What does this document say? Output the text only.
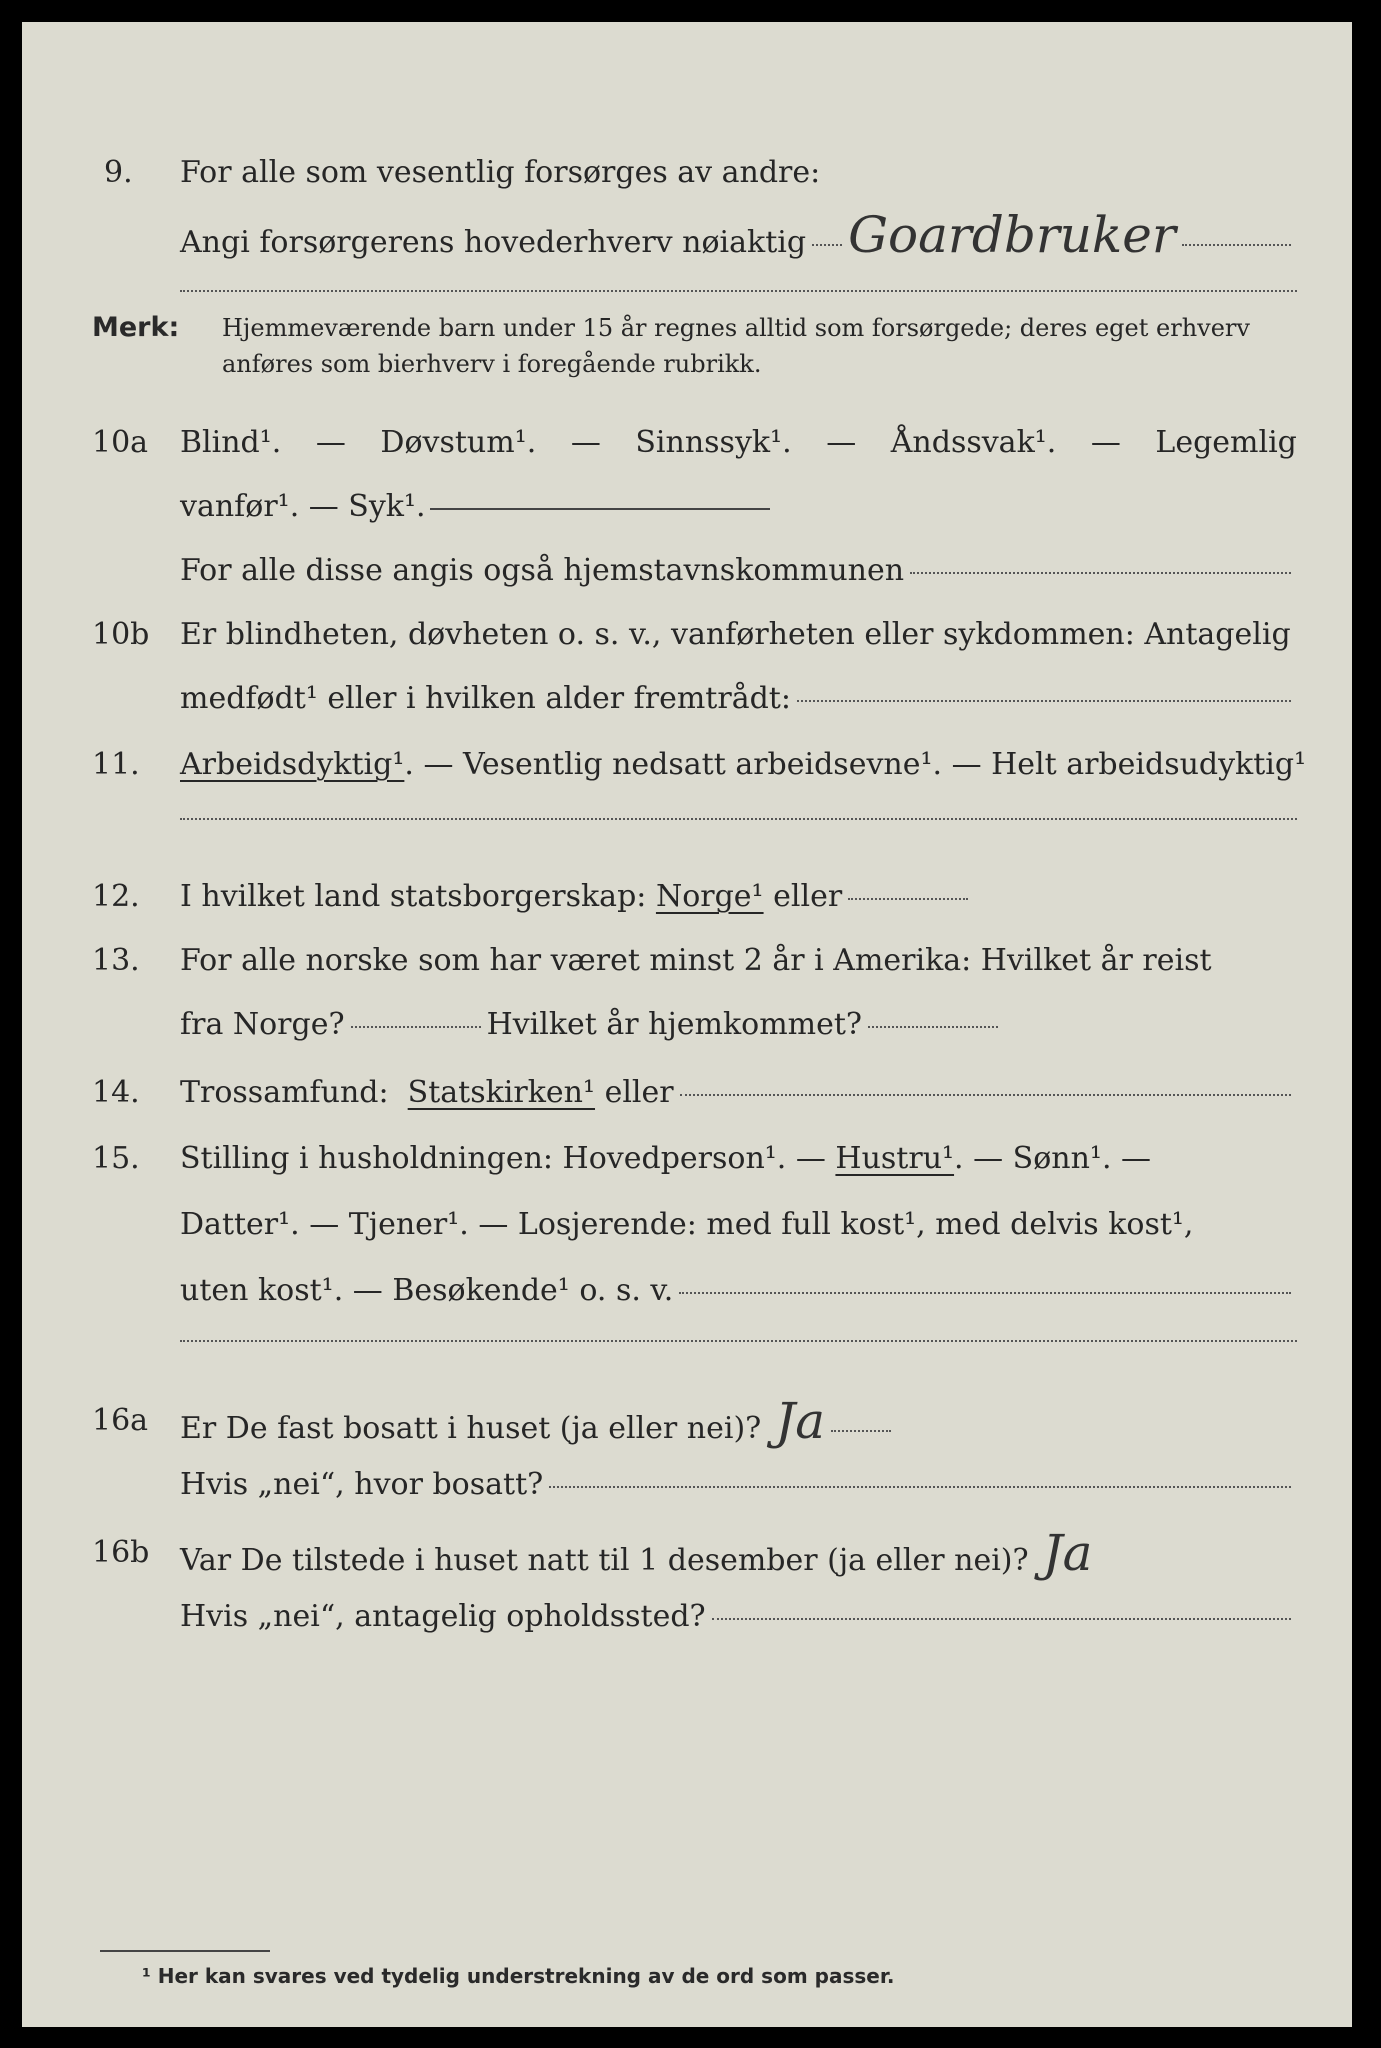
9. For alle som vesentlig forsørges av andre:
Angi forsørgerens hovederhverv nøiaktig Goardbruker
Merk: Hjemmeværende barn under 15 år regnes alltid som forsørgede; deres eget erhverv
anføres som bierhverv i foregående rubrikk.
10a Blind¹. — Døvstum¹. — Sinnssyk¹. — Åndssvak¹. — Legemlig
vanfør¹. — Syk¹.
For alle disse angis også hjemstavnskommunen
10b Er blindheten, døvheten o. s. v., vanførheten eller sykdommen: Antagelig
medfødt¹ eller i hvilken alder fremtrådt:
11. Arbeidsdyktig¹ . — Vesentlig nedsatt arbeidsevne¹. — Helt arbeidsudyktig¹
12. I hvilket land statsborgerskap:
Norge¹
eller
13. For alle norske som har været minst 2 år i Amerika: Hvilket år reist
fra Norge?	Hvilket år hjemkommet?
14. Trossamfund:
Statskirken¹
eller
15. Stilling i husholdningen: Hovedperson¹. —
Hustru¹ . — Sønn¹. —
Datter¹. — Tjener¹. — Losjerende: med full kost¹, med delvis kost¹,
uten kost¹. — Besøkende¹ o. s. v.
16a Er De fast bosatt i huset (ja eller nei)? Ja
Hvis „nei“, hvor bosatt?
16b Var De tilstede i huset natt til 1 desember (ja eller nei)? Ja
Hvis „nei“, antagelig opholdssted?
¹ Her kan svares ved tydelig understrekning av de ord som passer.
